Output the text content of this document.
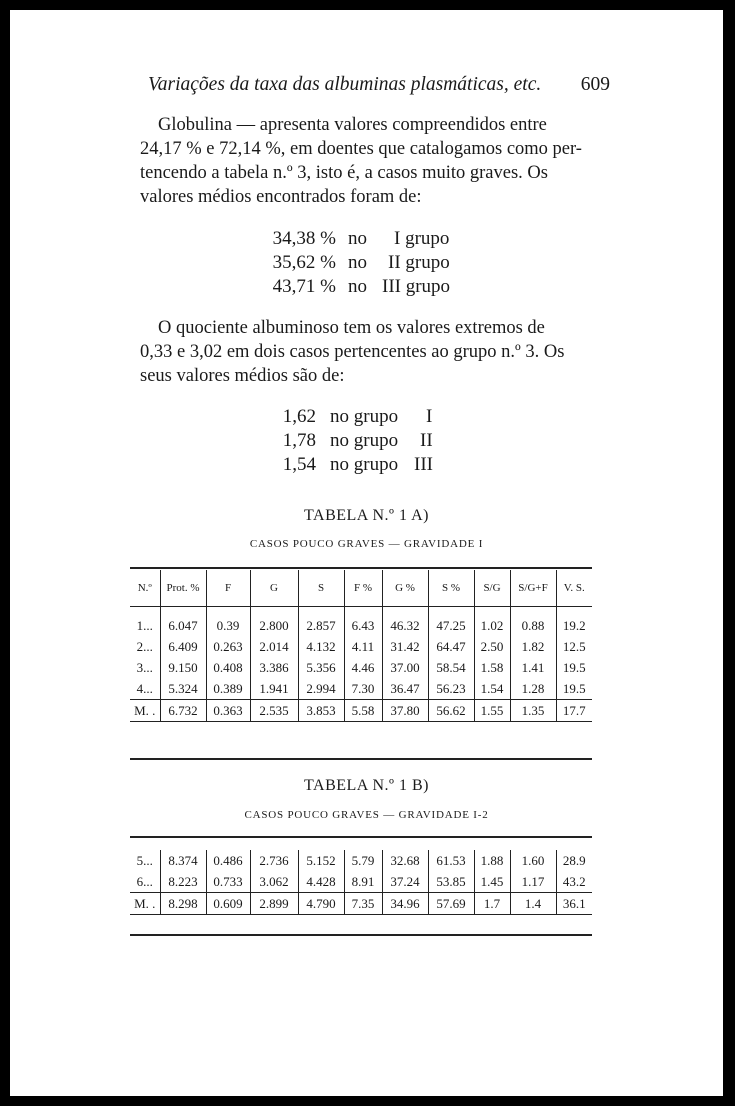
Variações da taxa das albuminas plasmáticas, etc. 609

Globulina — apresenta valores compreendidos entre

24,17 % e 72,14 %, em doentes que catalogamos como per-

tencendo a tabela n.º 3, isto é, a casos muito graves. Os

valores médios encontrados foram de:

34,38 % no I grupo
35,62 % no II grupo
43,71 % no III grupo

O quociente albuminoso tem os valores extremos de

0,33 e 3,02 em dois casos pertencentes ao grupo n.º 3. Os

seus valores médios são de:

1,62 no grupo I
1,78 no grupo II
1,54 no grupo III
TABELA N.º 1 A)
CASOS POUCO GRAVES — GRAVIDADE I
N.º	Prot. %	F	G	S	F %	G %	S %	S/G	S/G+F	V. S.

1...	6.047	0.39	2.800	2.857	6.43	46.32	47.25	1.02	0.88	19.2
2...	6.409	0.263	2.014	4.132	4.11	31.42	64.47	2.50	1.82	12.5
3...	9.150	0.408	3.386	5.356	4.46	37.00	58.54	1.58	1.41	19.5
4...	5.324	0.389	1.941	2.994	7.30	36.47	56.23	1.54	1.28	19.5
M. .	6.732	0.363	2.535	3.853	5.58	37.80	56.62	1.55	1.35	17.7
TABELA N.º 1 B)
CASOS POUCO GRAVES — GRAVIDADE I-2
5...	8.374	0.486	2.736	5.152	5.79	32.68	61.53	1.88	1.60	28.9
6...	8.223	0.733	3.062	4.428	8.91	37.24	53.85	1.45	1.17	43.2
M. .	8.298	0.609	2.899	4.790	7.35	34.96	57.69	1.7	1.4	36.1
